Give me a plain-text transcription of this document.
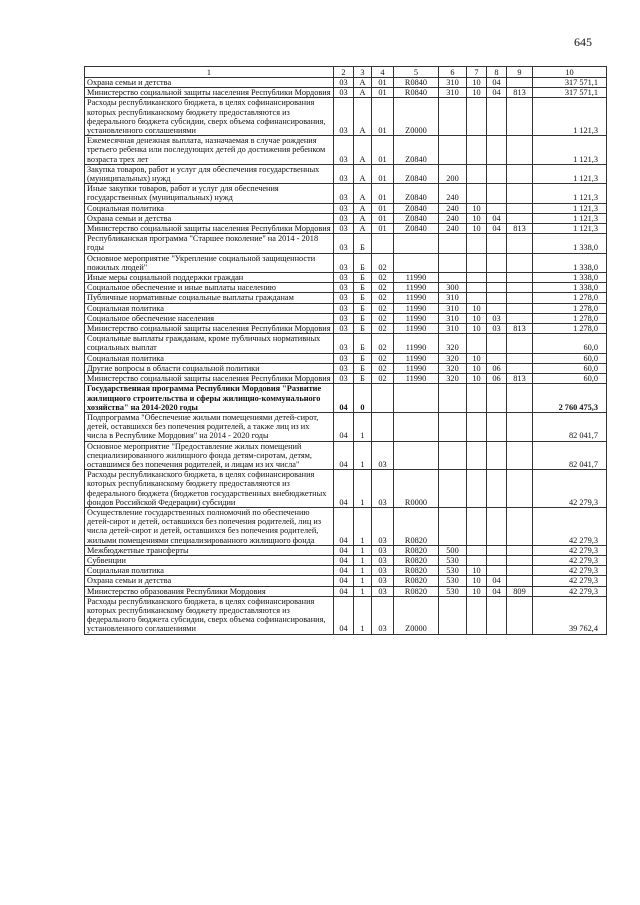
645
1	2	3	4	5	6	7	8	9	10
Охрана семьи и детства	03	А	01	R0840	310	10	04		317 571,1
Министерство социальной защиты населения Республики Мордовия	03	А	01	R0840	310	10	04	813	317 571,1
Расходы республиканского бюджета, в целях софинансирования которых республиканскому бюджету предоставляются из федерального бюджета субсидии, сверх объема софинансирования, установленного соглашениями	03	А	01	Z0000					1 121,3
Ежемесячная денежная выплата, назначаемая в случае рождения третьего ребенка или последующих детей до достижения ребенком возраста трех лет	03	А	01	Z0840					1 121,3
Закупка товаров, работ и услуг для обеспечения государственных (муниципальных) нужд	03	А	01	Z0840	200				1 121,3
Иные закупки товаров, работ и услуг для обеспечения государственных (муниципальных) нужд	03	А	01	Z0840	240				1 121,3
Социальная политика	03	А	01	Z0840	240	10			1 121,3
Охрана семьи и детства	03	А	01	Z0840	240	10	04		1 121,3
Министерство социальной защиты населения Республики Мордовия	03	А	01	Z0840	240	10	04	813	1 121,3
Республиканская программа "Старшее поколение" на 2014 - 2018 годы	03	Б							1 338,0
Основное мероприятие "Укрепление социальной защищенности пожилых людей"	03	Б	02						1 338,0
Иные меры социальной поддержки граждан	03	Б	02	11990					1 338,0
Социальное обеспечение и иные выплаты населению	03	Б	02	11990	300				1 338,0
Публичные нормативные социальные выплаты гражданам	03	Б	02	11990	310				1 278,0
Социальная политика	03	Б	02	11990	310	10			1 278,0
Социальное обеспечение населения	03	Б	02	11990	310	10	03		1 278,0
Министерство социальной защиты населения Республики Мордовия	03	Б	02	11990	310	10	03	813	1 278,0
Социальные выплаты гражданам, кроме публичных нормативных социальных выплат	03	Б	02	11990	320				60,0
Социальная политика	03	Б	02	11990	320	10			60,0
Другие вопросы в области социальной политики	03	Б	02	11990	320	10	06		60,0
Министерство социальной защиты населения Республики Мордовия	03	Б	02	11990	320	10	06	813	60,0
Государственная программа Республики Мордовия "Развитие жилищного строительства и сферы жилищно-коммунального хозяйства" на 2014-2020 годы	04	0							2 760 475,3
Подпрограмма "Обеспечение жильми помещениями детей-сирот, детей, оставшихся без попечения родителей, а также лиц из их числа в Республике Мордовия" на 2014 - 2020 годы	04	1							82 041,7
Основное мероприятие "Предоставление жилых помещений специализированного жилищного фонда детям-сиротам, детям, оставшимся без попечения родителей, и лицам из их числа"	04	1	03						82 041,7
Расходы республиканского бюджета, в целях софинансирования которых республиканскому бюджету предоставляются из федерального бюджета (бюджетов государственных внебюджетных фондов Российской Федерации) субсидии	04	1	03	R0000					42 279,3
Осуществление государственных полномочий по обеспечению детей-сирот и детей, оставшихся без попечения родителей, лиц из числа детей-сирот и детей, оставшихся без попечения родителей, жилыми помещениями специализированного жилищного фонда	04	1	03	R0820					42 279,3
Межбюджетные трансферты	04	1	03	R0820	500				42 279,3
Субвенции	04	1	03	R0820	530				42 279,3
Социальная политика	04	1	03	R0820	530	10			42 279,3
Охрана семьи и детства	04	1	03	R0820	530	10	04		42 279,3
Министерство образования Республики Мордовия	04	1	03	R0820	530	10	04	809	42 279,3
Расходы республиканского бюджета, в целях софинансирования которых республиканскому бюджету предоставляются из федерального бюджета субсидии, сверх объема софинансирования, установленного соглашениями	04	1	03	Z0000					39 762,4
